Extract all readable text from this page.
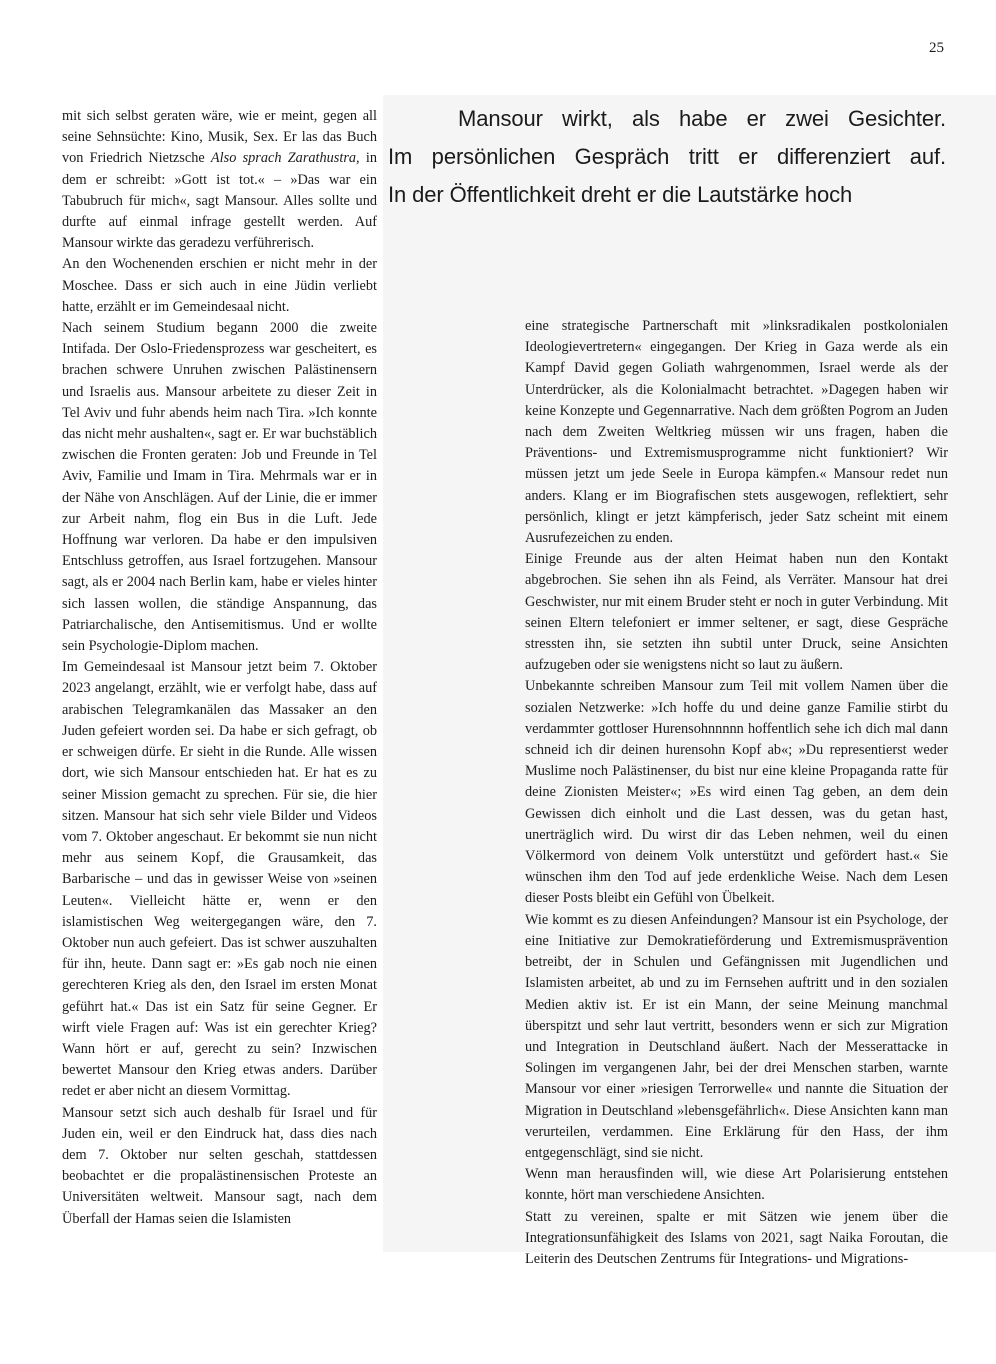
25
Mansour wirkt, als habe er zwei Gesichter.
Im persönlichen Gespräch tritt er differenziert auf.
In der Öffentlichkeit dreht er die Lautstärke hoch

mit sich selbst geraten wäre, wie er meint, gegen all seine Sehnsüchte: Kino, Musik, Sex. Er las das Buch von Friedrich Nietzsche Also sprach Zarathustra, in dem er schreibt: »Gott ist tot.« – »Das war ein Tabubruch für mich«, sagt Mansour. Alles sollte und durfte auf einmal infrage gestellt werden. Auf Mansour wirkte das geradezu verführerisch.

An den Wochenenden erschien er nicht mehr in der Moschee. Dass er sich auch in eine Jüdin verliebt hatte, erzählt er im Gemeindesaal nicht.

Nach seinem Studium begann 2000 die zweite Intifada. Der Oslo-Friedensprozess war gescheitert, es brachen schwere Unruhen zwischen Palästinensern und Israelis aus. Mansour arbeitete zu dieser Zeit in Tel Aviv und fuhr abends heim nach Tira. »Ich konnte das nicht mehr aushalten«, sagt er. Er war buchstäblich zwischen die Fronten geraten: Job und Freunde in Tel Aviv, Familie und Imam in Tira. Mehrmals war er in der Nähe von Anschlägen. Auf der Linie, die er immer zur Arbeit nahm, flog ein Bus in die Luft. Jede Hoffnung war verloren. Da habe er den impulsiven Entschluss getroffen, aus Israel fortzugehen. Mansour sagt, als er 2004 nach Berlin kam, habe er vieles hinter sich lassen wollen, die ständige Anspannung, das Patriarchalische, den Antisemitismus. Und er wollte sein Psychologie-Diplom machen.

Im Gemeindesaal ist Mansour jetzt beim 7. Oktober 2023 angelangt, erzählt, wie er verfolgt habe, dass auf arabischen Telegramkanälen das Massaker an den Juden gefeiert worden sei. Da habe er sich gefragt, ob er schweigen dürfe. Er sieht in die Runde. Alle wissen dort, wie sich Mansour entschieden hat. Er hat es zu seiner Mission gemacht zu sprechen. Für sie, die hier sitzen. Mansour hat sich sehr viele Bilder und Videos vom 7. Oktober angeschaut. Er bekommt sie nun nicht mehr aus seinem Kopf, die Grausamkeit, das Barbarische – und das in gewisser Weise von »seinen Leuten«. Vielleicht hätte er, wenn er den islamistischen Weg weitergegangen wäre, den 7. Oktober nun auch gefeiert. Das ist schwer auszuhalten für ihn, heute. Dann sagt er: »Es gab noch nie einen gerechteren Krieg als den, den Israel im ersten Monat geführt hat.« Das ist ein Satz für seine Gegner. Er wirft viele Fragen auf: Was ist ein gerechter Krieg? Wann hört er auf, gerecht zu sein? Inzwischen bewertet Mansour den Krieg etwas anders. Darüber redet er aber nicht an diesem Vormittag.

Mansour setzt sich auch deshalb für Israel und für Juden ein, weil er den Eindruck hat, dass dies nach dem 7. Oktober nur selten geschah, stattdessen beobachtet er die propalästinensischen Proteste an Universitäten weltweit. Mansour sagt, nach dem Überfall der Hamas seien die Islamisten

eine strategische Partnerschaft mit »linksradikalen postkolonialen Ideologievertretern« eingegangen. Der Krieg in Gaza werde als ein Kampf David gegen Goliath wahrgenommen, Israel werde als der Unterdrücker, als die Kolonialmacht betrachtet. »Dagegen haben wir keine Konzepte und Gegennarrative. Nach dem größten Pogrom an Juden nach dem Zweiten Weltkrieg müssen wir uns fragen, haben die Präventions- und Extremismusprogramme nicht funktioniert? Wir müssen jetzt um jede Seele in Europa kämpfen.« Mansour redet nun anders. Klang er im Biografischen stets ausgewogen, reflektiert, sehr persönlich, klingt er jetzt kämpferisch, jeder Satz scheint mit einem Ausrufezeichen zu enden.

Einige Freunde aus der alten Heimat haben nun den Kontakt abgebrochen. Sie sehen ihn als Feind, als Verräter. Mansour hat drei Geschwister, nur mit einem Bruder steht er noch in guter Verbindung. Mit seinen Eltern telefoniert er immer seltener, er sagt, diese Gespräche stressten ihn, sie setzten ihn subtil unter Druck, seine Ansichten aufzugeben oder sie wenigstens nicht so laut zu äußern.

Unbekannte schreiben Mansour zum Teil mit vollem Namen über die sozialen Netzwerke: »Ich hoffe du und deine ganze Familie stirbt du verdammter gottloser Hurensohnnnnn hoffentlich sehe ich dich mal dann schneid ich dir deinen hurensohn Kopf ab«; »Du representierst weder Muslime noch Palästinenser, du bist nur eine kleine Propaganda ratte für deine Zionisten Meister«; »Es wird einen Tag geben, an dem dein Gewissen dich einholt und die Last dessen, was du getan hast, unerträglich wird. Du wirst dir das Leben nehmen, weil du einen Völkermord von deinem Volk unterstützt und gefördert hast.« Sie wünschen ihm den Tod auf jede erdenkliche Weise. Nach dem Lesen dieser Posts bleibt ein Gefühl von Übelkeit.

Wie kommt es zu diesen Anfeindungen? Mansour ist ein Psychologe, der eine Initiative zur Demokratieförderung und Extremismusprävention betreibt, der in Schulen und Gefängnissen mit Jugendlichen und Islamisten arbeitet, ab und zu im Fernsehen auftritt und in den sozialen Medien aktiv ist. Er ist ein Mann, der seine Meinung manchmal überspitzt und sehr laut vertritt, besonders wenn er sich zur Migration und Integration in Deutschland äußert. Nach der Messerattacke in Solingen im vergangenen Jahr, bei der drei Menschen starben, warnte Mansour vor einer »riesigen Terrorwelle« und nannte die Situation der Migration in Deutschland »lebensgefährlich«. Diese Ansichten kann man verurteilen, verdammen. Eine Erklärung für den Hass, der ihm entgegenschlägt, sind sie nicht.

Wenn man herausfinden will, wie diese Art Polarisierung entstehen konnte, hört man verschiedene Ansichten.

Statt zu vereinen, spalte er mit Sätzen wie jenem über die Integrationsunfähigkeit des Islams von 2021, sagt Naika Foroutan, die Leiterin des Deutschen Zentrums für Integrations- und Migrations-
